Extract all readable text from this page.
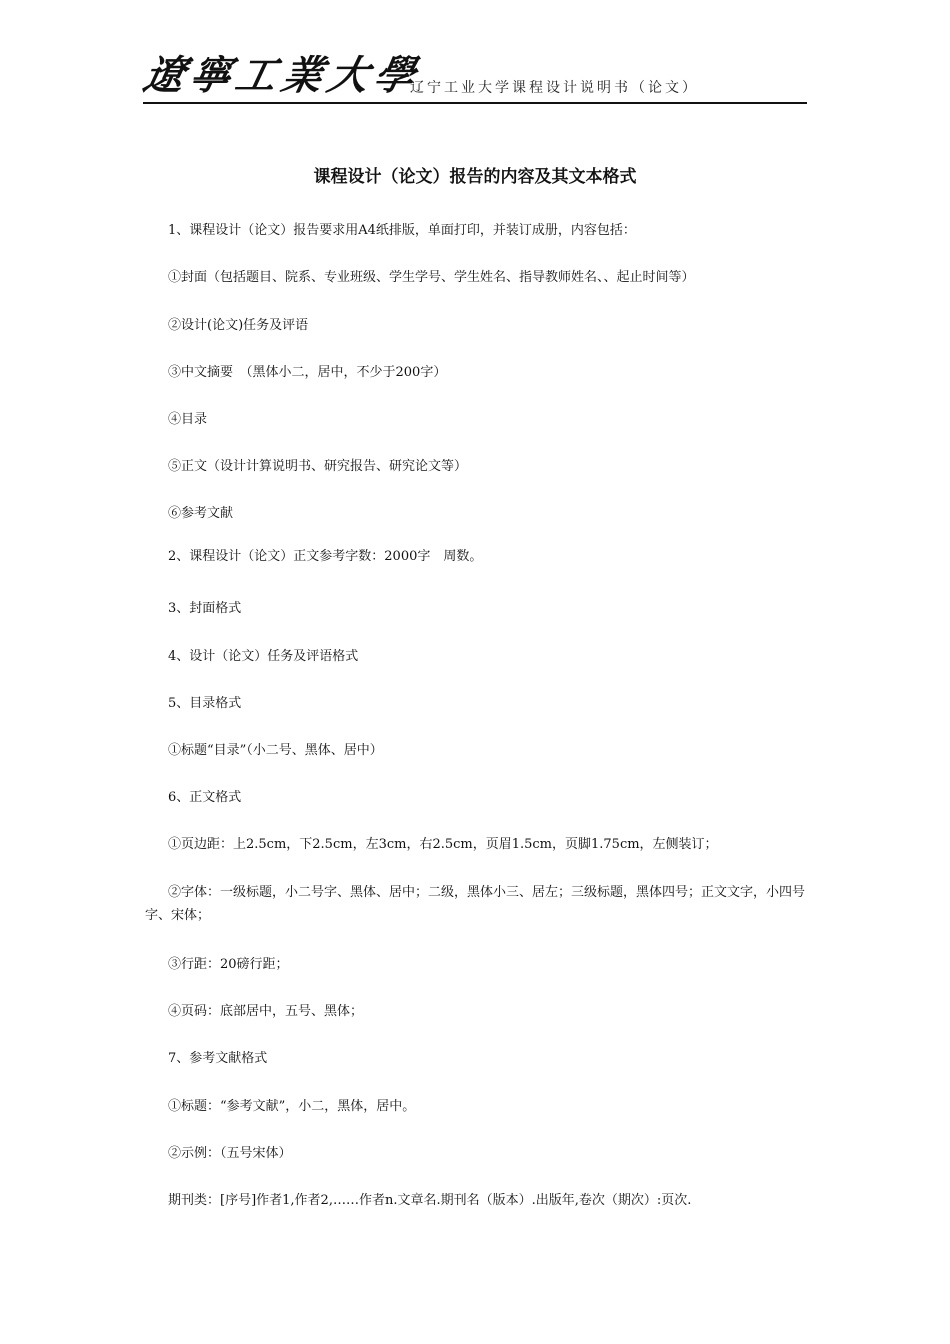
遼寧工業大學
辽宁工业大学课程设计说明书（论文）
课程设计（论文）报告的内容及其文本格式
1、课程设计（论文）报告要求用A4纸排版，单面打印，并装订成册，内容包括：
①封面（包括题目、院系、专业班级、学生学号、学生姓名、指导教师姓名、、起止时间等）
②设计(论文)任务及评语
③中文摘要　（黑体小二，居中，不少于200字）
④目录
⑤正文（设计计算说明书、研究报告、研究论文等）
⑥参考文献
2、课程设计（论文）正文参考字数：2000字　周数。
3、封面格式
4、设计（论文）任务及评语格式
5、目录格式
①标题“目录”（小二号、黑体、居中）
6、正文格式
①页边距：上2.5cm，下2.5cm，左3cm，右2.5cm，页眉1.5cm，页脚1.75cm，左侧装订；
②字体：一级标题，小二号字、黑体、居中；二级，黑体小三、居左；三级标题，黑体四号；正文文字，小四号字、宋体；
③行距：20磅行距；
④页码：底部居中，五号、黑体；
7、参考文献格式
①标题：“参考文献”，小二，黑体，居中。
②示例：（五号宋体）
期刊类：[序号]作者1,作者2,……作者n.文章名.期刊名（版本）.出版年,卷次（期次）:页次.
